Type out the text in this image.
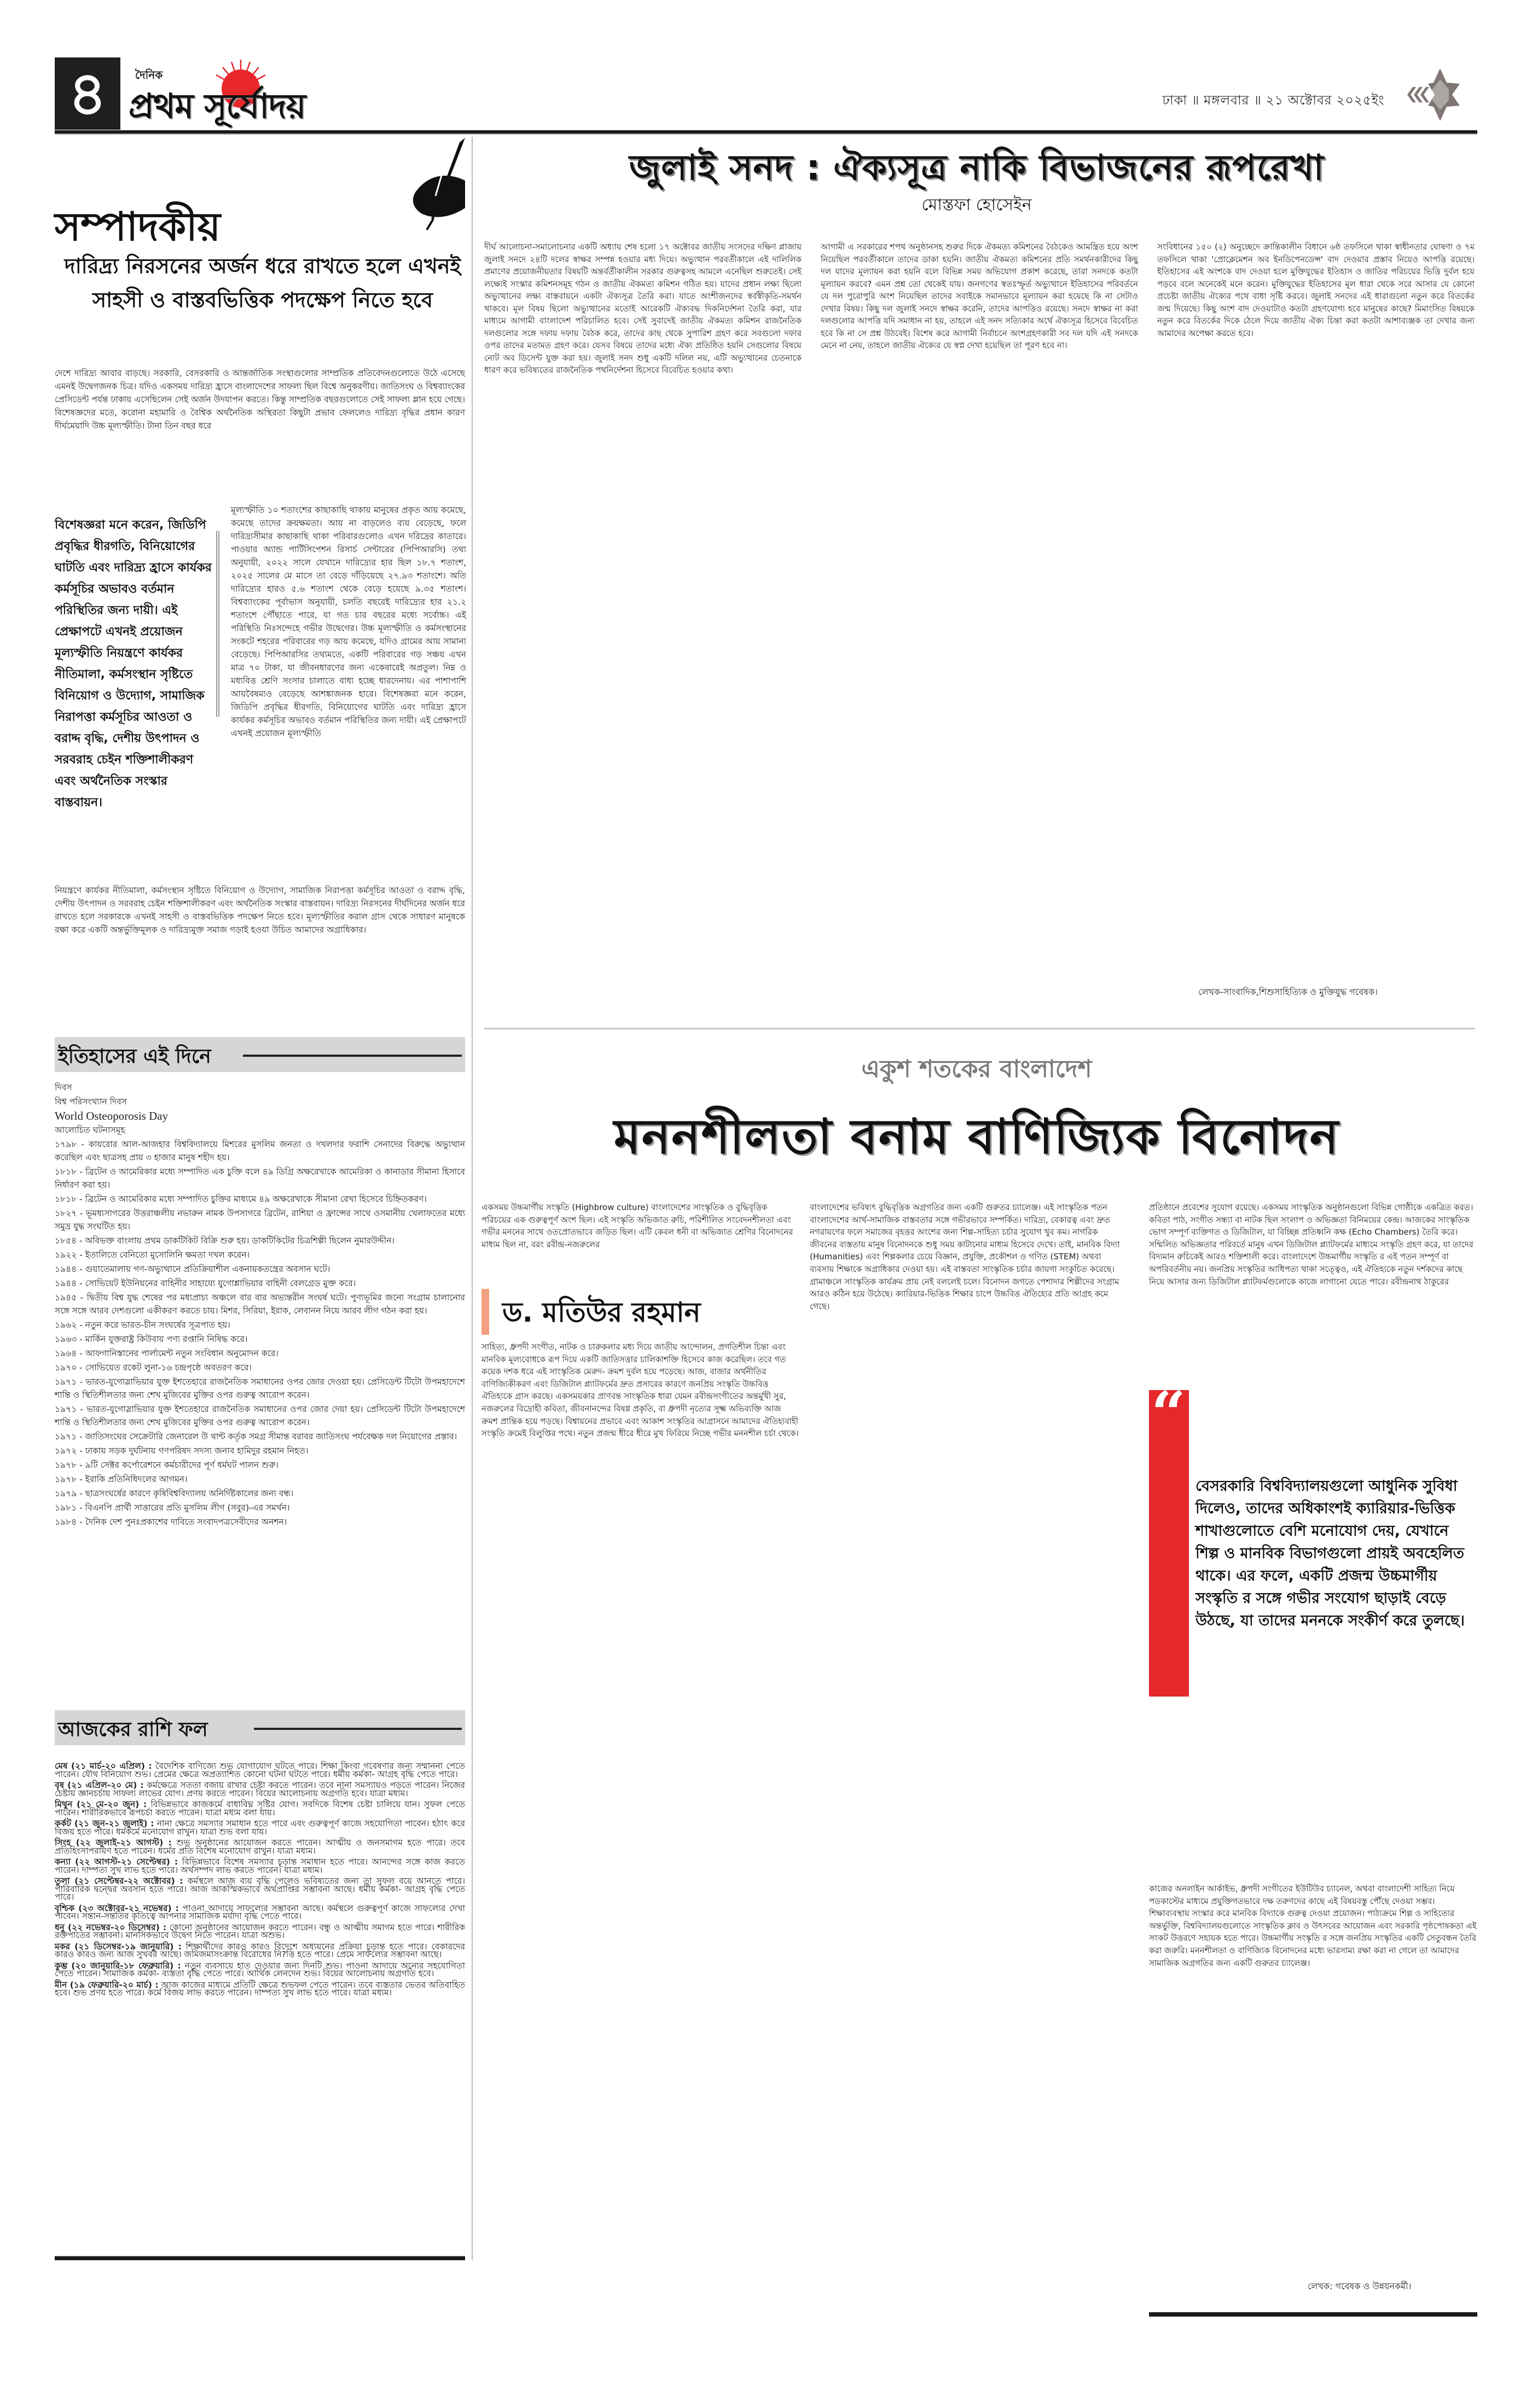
৪	দৈনিক
প্রথম সূর্যোদয়	ঢাকা ॥ মঙ্গলবার ॥ ২১ অক্টোবর ২০২৫ইং
সম্পাদকীয়
দারিদ্র্য নিরসনের অর্জন ধরে রাখতে হলে এখনই সাহসী ও বাস্তবভিত্তিক পদক্ষেপ নিতে হবে

দেশে দারিদ্র্য আবার বাড়ছে। সরকারি, বেসরকারি ও আন্তর্জাতিক সংস্থাগুলোর সাম্প্রতিক প্রতিবেদনগুলোতে উঠে এসেছে এমনই উদ্বেগজনক চিত্র। যদিও একসময় দারিদ্র্য হ্রাসে বাংলাদেশের সাফল্য ছিল বিশ্বে অনুকরণীয়। জাতিসংঘ ও বিশ্বব্যাংকের প্রেসিডেন্ট পর্যন্ত ঢাকায় এসেছিলেন সেই অর্জন উদযাপন করতে। কিন্তু সাম্প্রতিক বছরগুলোতে সেই সাফল্য ম্লান হয়ে গেছে। বিশেষজ্ঞদের মতে, করোনা মহামারি ও বৈশ্বিক অর্থনৈতিক অস্থিরতা কিছুটা প্রভাব ফেললেও দারিদ্র্য বৃদ্ধির প্রধান কারণ দীর্ঘমেয়াদি উচ্চ মূল্যস্ফীতি। টানা তিন বছর ধরে

বিশেষজ্ঞরা মনে করেন, জিডিপি প্রবৃদ্ধির ধীরগতি, বিনিয়োগের ঘাটতি এবং দারিদ্র্য হ্রাসে কার্যকর কর্মসূচির অভাবও বর্তমান পরিস্থিতির জন্য দায়ী। এই প্রেক্ষাপটে এখনই প্রয়োজন মূল্যস্ফীতি নিয়ন্ত্রণে কার্যকর নীতিমালা, কর্মসংস্থান সৃষ্টিতে বিনিয়োগ ও উদ্যোগ, সামাজিক নিরাপত্তা কর্মসূচির আওতা ও বরাদ্দ বৃদ্ধি, দেশীয় উৎপাদন ও সরবরাহ চেইন শক্তিশালীকরণ এবং অর্থনৈতিক সংস্কার বাস্তবায়ন।

মূল্যস্ফীতি ১০ শতাংশের কাছাকাছি থাকায় মানুষের প্রকৃত আয় কমেছে, কমেছে তাদের ক্রয়ক্ষমতা। আয় না বাড়লেও ব্যয় বেড়েছে, ফলে দারিদ্র্যসীমার কাছাকাছি থাকা পরিবারগুলোও এখন দরিদ্রের কাতারে। পাওয়ার অ্যান্ড পার্টিসিপেশন রিসার্চ সেন্টারের (পিপিআরসি) তথ্য অনুযায়ী, ২০২২ সালে যেখানে দারিদ্র্যের হার ছিল ১৮.৭ শতাংশ, ২০২৫ সালের মে মাসে তা বেড়ে দাঁড়িয়েছে ২৭.৯৩ শতাংশে। অতি দারিদ্র্যের হারও ৫.৬ শতাংশ থেকে বেড়ে হয়েছে ৯.৩৫ শতাংশ। বিশ্বব্যাংকের পূর্বাভাস অনুযায়ী, চলতি বছরেই দারিদ্র্যের হার ২১.২ শতাংশে পৌঁছাতে পারে, যা গত চার বছরের মধ্যে সর্বোচ্চ। এই পরিস্থিতি নিঃসন্দেহে গভীর উদ্বেগের। উচ্চ মূল্যস্ফীতি ও কর্মসংস্থানের সংকটে শহরের পরিবারের গড় আয় কমেছে, যদিও গ্রামের আয় সামান্য বেড়েছে। পিপিআরসির তথ্যমতে, একটি পরিবারের গড় সঞ্চয় এখন মাত্র ৭০ টাকা, যা জীবনধারণের জন্য একেবারেই অপ্রতুল। নিম্ন ও মধ্যবিত্ত শ্রেণি সংসার চালাতে বাধ্য হচ্ছে ধারদেনায়। এর পাশাপাশি আয়বৈষম্যও বেড়েছে আশঙ্কাজনক হারে। বিশেষজ্ঞরা মনে করেন, জিডিপি প্রবৃদ্ধির ধীরগতি, বিনিয়োগের ঘাটতি এবং দারিদ্র্য হ্রাসে কার্যকর কর্মসূচির অভাবও বর্তমান পরিস্থিতির জন্য দায়ী। এই প্রেক্ষাপটে এখনই প্রয়োজন মূল্যস্ফীতি

নিয়ন্ত্রণে কার্যকর নীতিমালা, কর্মসংস্থান সৃষ্টিতে বিনিয়োগ ও উদ্যোগ, সামাজিক নিরাপত্তা কর্মসূচির আওতা ও বরাদ্দ বৃদ্ধি, দেশীয় উৎপাদন ও সরবরাহ চেইন শক্তিশালীকরণ এবং অর্থনৈতিক সংস্কার বাস্তবায়ন। দারিদ্র্য নিরসনের দীর্ঘদিনের অর্জন ধরে রাখতে হলে সরকারকে এখনই সাহসী ও বাস্তবভিত্তিক পদক্ষেপ নিতে হবে। মূল্যস্ফীতির করাল গ্রাস থেকে সাধারণ মানুষকে রক্ষা করে একটি অন্তর্ভুক্তিমূলক ও দারিদ্র্যমুক্ত সমাজ গড়াই হওয়া উচিত আমাদের অগ্রাধিকার।

ইতিহাসের এই দিনে

দিবস

বিশ্ব পরিসংখ্যান দিবস

World Osteoporosis Day

আলোচিত ঘটনাসমূহ

১৭৯৮ - কায়রোর আল-আজহার বিশ্ববিদ্যালয়ে মিশরের মুসলিম জনতা ও দখলদার ফরাশি সেনাদের বিরুদ্ধে অভ্যুত্থান করেছিল এবং ছাত্রসহ প্রায় ৩ হাজার মানুষ শহীদ হয়।

১৮১৮ - ব্রিটেন ও আমেরিকার মধ্যে সম্পাদিত এক চুক্তি বলে ৪৯ ডিগ্রি অক্ষরেখাকে আমেরিকা ও কানাডার সীমানা হিসাবে নির্ধারণ করা হয়।

১৮১৮ - ব্রিটেন ও আমেরিকার মধ্যে সম্পাদিত চুক্তির মাধ্যমে ৪৯ অক্ষরেখাকে সীমানা রেখা হিসেবে চিহ্নিতকরণ।

১৮২৭ - ভূমধ্যসাগরের উত্তরাঞ্চলীয় নভারুন নামক উপসাগরে ব্রিটেন, রাশিয়া ও ফ্রান্সের সাথে ওসমানীয় খেলাফতের মধ্যে সমুদ্র যুদ্ধ সংঘটিত হয়।

১৮৫৪ - অবিভক্ত বাংলায় প্রথম ডাকটিকিট বিক্রি শুরু হয়। ডাকটিকিটের চিত্রশিল্পী ছিলেন নুমারউদ্দীন।

১৯২২ - ইতালিতে বেনিতো মুসোলিনি ক্ষমতা দখল করেন।

১৯৪৪ - গুয়াতেমালায় গণ-অভ্যুত্থানে প্রতিক্রিয়াশীল একনায়কতন্ত্রের অবসান ঘটে।

১৯৪৪ - সোভিয়েট ইউনিয়নের বাহিনীর সাহায্যে যুগোশ্লাভিয়ার বাহিনী বেলগ্রেড মুক্ত করে।

১৯৪৫ - দ্বিতীয় বিশ্ব যুদ্ধ শেষের পর মধ্যপ্রাচ্য অঞ্চলে বার বার অভ্যন্তরীন সংঘর্ষ ঘটে। পুণ্যভূমির জন্যে সংগ্রাম চালানোর সঙ্গে সঙ্গে আরব দেশগুলো একীকরণ করতে চায়। মিশর, সিরিয়া, ইরাক, লেবানন নিয়ে আরব লীগ গঠন করা হয়।

১৯৬২ - নতুন করে ভারত-চীন সংঘর্ষের সূত্রপাত হয়।

১৯৬৩ - মার্কিন যুক্তরাষ্ট্র কিউবায় পণ্য রপ্তানি নিষিদ্ধ করে।

১৯৬৪ - আফগানিস্তানের পার্লামেন্ট নতুন সংবিধান অনুমোদন করে।

১৯৭০ - সোভিয়েত রকেট লুনা-১৬ চন্দ্রপৃষ্ঠে অবতরণ করে।

১৯৭১ - ভারত-যুগোস্লাভিয়ার যুক্ত ইশতেহারে রাজনৈতিক সমাধানের ওপর জোর দেওয়া হয়। প্রেসিডেন্ট টিটো উপমহাদেশে শান্তি ও স্থিতিশীলতার জন্য শেখ মুজিবের মুক্তির ওপর গুরুত্ব আরোপ করেন।

১৯৭১ - ভারত-যুগোস্লাভিয়ার যুক্ত ইশতেহারে রাজনৈতিক সমাধানের ওপর জোর দেয়া হয়। প্রেসিডেন্ট টিটো উপমহাদেশে শান্তি ও স্থিতিশীলতার জন্য শেখ মুজিবের মুক্তির ওপর গুরুত্ব আরোপ করেন।

১৯৭১ - জাতিসংঘের সেক্রেটারি জেনারেল উ থান্ট কর্তৃক সমগ্র সীমান্ত বরাবর জাতিসংঘ পর্যবেক্ষক দল নিয়োগের প্রস্তাব।

১৯৭২ - ঢাকায় সড়ক দুর্ঘটনায় গণপরিষদ সদস্য জনাব হামিদুর রহমান নিহত।

১৯৭৮ - ৯টি সেক্টর কর্পোরেশনে কর্মচারীদের পূর্ণ ধর্মঘট পালন শুরু।

১৯৭৮ - ইরাকি প্রতিনিধিদলের আগমন।

১৯৭৯ - ছাত্রসংঘর্ষের কারণে কৃষিবিশ্ববিদ্যালয় অনির্দিষ্টকালের জন্য বন্ধ।

১৯৮১ - বিএনপি প্রার্থী সাত্তারের প্রতি মুসলিম লীগ (সবুর)-এর সমর্থন।

১৯৮৪ - দৈনিক দেশ পুনঃপ্রকাশের দাবিতে সংবাদপত্রসেবীদের অনশন।

আজকের রাশি ফল

মেষ (২১ মার্চ-২০ এপ্রিল) : বৈদেশিক বাণিজ্যে শুভ যোগাযোগ ঘটতে পারে। শিক্ষা কিংবা গবেষণার জন্য সম্মাননা পেতে পারেন। যৌথ বিনিয়োগ শুভ। প্রেমের ক্ষেত্রে অপ্রত্যাশিত কোনো ঘটনা ঘটতে পারে। ধর্মীয় কর্মকা- আগ্রহ বৃদ্ধি পেতে পারে।

বৃষ (২১ এপ্রিল-২০ মে) : কর্মক্ষেত্রে সততা বজায় রাখার চেষ্টা করতে পারেন। তবে নানা সমস্যায়ও পড়তে পারেন। নিজের চেষ্টায় জ্ঞানচর্চায় সাফল্য লাভের যোগ। প্রণয় করতে পারেন। বিয়ের আলোচনায় অগ্রগতি হবে। যাত্রা মধ্যম।

মিথুন (২১ মে-২০ জুন) : বিভিন্নভাবে কাজকর্মে বাধাবিঘ্ন সৃষ্টির যোগ। সবদিকে বিশেষ চেষ্টা চালিয়ে যান। সুফল পেতে পারেন। শারীরিকভাবে রূপচর্চা করতে পারেন। যাত্রা মধ্যম বলা যায়।

কর্কট (২১ জুন-২১ জুলাই) : নানা ক্ষেত্রে সমস্যার সমাধান হতে পারে এবং গুরুত্বপূর্ণ কাজে সহযোগিতা পাবেন। হঠাৎ করে বিজয় হতে পারে। ধর্মকর্মে মনোযোগ রাখুন। যাত্রা শুভ বলা যায়।

সিংহ (২২ জুলাই-২১ আগস্ট) : শুভ অনুষ্ঠানের আয়োজন করতে পারেন। আত্মীয় ও জনসমাগম হতে পারে। তবে প্রতিহিংসাপরায়ণ হতে পারেন। ধর্মের প্রতি বিশেষ মনোযোগ রাখুন। যাত্রা মধ্যম।

কন্যা (২২ আগস্ট-২১ সেপ্টেম্বর) : বিভিন্নভাবে বিশেষ সমস্যার চূড়ান্ত সমাধান হতে পারে। আনন্দের সঙ্গে কাজ করতে পারেন। দাম্পত্য সুখ লাভ হতে পারে। অর্থসম্পদ লাভ করতে পারেন। যাত্রা মধ্যম।

তুলা (২১ সেপ্টেম্বর-২২ অক্টোবর) : কর্মস্থলে আজ ব্যয় বৃদ্ধি পেলেও ভবিষ্যতের জন্য তা সুফল বয়ে আনতে পারে। পারিবারিক দ্বন্দ্বের অবসান হতে পারে। আজ আকস্মিকভাবে অর্থপ্রাপ্তির সম্ভাবনা আছে। ধর্মীয় কর্মকা- আগ্রহ বৃদ্ধি পেতে পারে।

বৃশ্চিক (২৩ অক্টোবর-২১ নভেম্বর) : পাওনা আদায়ে সাফল্যের সম্ভাবনা আছে। কর্মস্থলে গুরুত্বপূর্ণ কাজে সাফল্যের দেখা পাবেন। সন্তান-সন্ততির কৃতিত্বে আপনার সামাজিক মর্যাদা বৃদ্ধি পেতে পারে।

ধনু (২২ নভেম্বর-২০ ডিসেম্বর) : কোনো অনুষ্ঠানের আয়োজন করতে পারেন। বন্ধু ও আত্মীয় সমাগম হতে পারে। শারীরিক রক্তপাতের সম্ভাবনা। মানসিকভাবে উদ্বেগ নিতে পারেন। যাত্রা অশুভ।

মকর (২১ ডিসেম্বর-১৯ জানুয়ারি) : শিক্ষার্থীদের কারও কারও বিদেশে অধ্যয়নের প্রক্রিয়া চূড়ান্ত হতে পারে। বেকারদের কারও কারও জন্য আজ সুখবর আছে। জমিজমাসংক্রান্ত বিরোধের নি?ত্তি হতে পারে। প্রেমে সাফল্যের সম্ভাবনা আছে।

কুম্ভ (২০ জানুয়ারি-১৮ ফেব্রুয়ারি) : নতুন ব্যবসায়ে হাত দেওয়ার জন্য দিনটি শুভ। পাওনা আদায়ে অন্যের সহযোগিতা পেতে পারেন। সামাজিক কর্মকা- ব্যস্ততা বৃদ্ধি পেতে পারে। আর্থিক লেনদেন শুভ। বিয়ের আলোচনায় অগ্রগতি হবে।

মীন (১৯ ফেব্রুয়ারি-২০ মার্চ) : আজ কাজের মাধ্যমে প্রতিটি ক্ষেত্রে শুভফল পেতে পারেন। তবে ব্যস্ততার ভেতর অতিবাহিত হবে। শুভ প্রণয় হতে পারে। কর্মে বিজয় লাভ করতে পারেন। দাম্পত্য সুখ লাভ হতে পারে। যাত্রা মধ্যম।

জুলাই সনদ : ঐক্যসূত্র নাকি বিভাজনের রূপরেখা
মোস্তফা হোসেইন

দীর্ঘ আলোচনা-সমালোচনার একটি অধ্যায় শেষ হলো ১৭ অক্টোবর জাতীয় সংসদের দক্ষিণ প্লাজায় জুলাই সনদে ২৪টি দলের স্বাক্ষর সম্পন্ন হওয়ার মধ্য দিয়ে। অভ্যুত্থান পরবর্তীকালে এই দালিলিক প্রমাণের প্রয়োজনীয়তার বিষয়টি অন্তর্বর্তীকালীন সরকার গুরুত্বসহ আমলে এনেছিল শুরুতেই। সেই লক্ষ্যেই সংস্কার কমিশনসমূহ গঠন ও জাতীয় ঐকমত্য কমিশন গঠিত হয়। যাদের প্রধান লক্ষ্য ছিলো অভ্যুত্থানের লক্ষ্য বাস্তবায়নে একটা ঐক্যসূত্র তৈরি করা। যাতে অংশীজনদের স্বর্বস্বীকৃতি-সমর্থন থাকবে। মূল বিষয় ছিলো অভ্যুত্থানের মতোই আরেকটি ঐক্যবদ্ধ দিকনির্দেশনা তৈরি করা, যার মাধ্যমে আগামী বাংলাদেশ পরিচালিত হবে। সেই সুবাদেই জাতীয় ঐকমত্য কমিশন রাজনৈতিক দলগুলোর সঙ্গে দফায় দফায় বৈঠক করে, তাদের কাছ থেকে সুপারিশ গ্রহণ করে সবগুলো দফার ওপর তাদের মতামত গ্রহণ করে। যেসব বিষয়ে তাদের মধ্যে ঐক্য প্রতিষ্ঠিত হয়নি সেগুলোর বিষয়ে নোট অব ডিসেন্ট যুক্ত করা হয়। জুলাই সনদ শুধু একটি দলিল নয়, এটি অভ্যুত্থানের চেতনাকে ধারণ করে ভবিষ্যতের রাজনৈতিক পথনির্দেশনা হিসেবে বিবেচিত হওয়ার কথা।

আগামী এ সরকারের শপথ অনুষ্ঠানসহ শুরুর দিকে ঐকমত্য কমিশনের বৈঠকেও আমন্ত্রিত হয়ে অংশ নিয়েছিল পরবর্তীকালে তাদের ডাকা হয়নি। জাতীয় ঐকমত্য কমিশনের প্রতি সমর্থনকারীদের কিছু দল যাদের মূল্যায়ন করা হয়নি বলে বিভিন্ন সময় অভিযোগ প্রকাশ করেছে, তারা সনদকে কতটা মূল্যায়ন করবে? এমন প্রশ্ন তো থেকেই যায়। জনগণের স্বতঃস্ফূর্ত অভ্যুত্থানে ইতিহাসের পরিবর্তনে যে দল পুরোপুরি অংশ নিয়েছিল তাদের সবাইকে সমানভাবে মূল্যায়ন করা হয়েছে কি না সেটাও দেখার বিষয়। কিছু দল জুলাই সনদে স্বাক্ষর করেনি, তাদের আপত্তিও রয়েছে। সনদে স্বাক্ষর না করা দলগুলোর আপত্তি যদি সমাধান না হয়, তাহলে এই সনদ সত্যিকার অর্থে ঐক্যসূত্র হিসেবে বিবেচিত হবে কি না সে প্রশ্ন উঠবেই। বিশেষ করে আগামী নির্বাচনে অংশগ্রহণকারী সব দল যদি এই সনদকে মেনে না নেয়, তাহলে জাতীয় ঐক্যের যে স্বপ্ন দেখা হয়েছিল তা পূরণ হবে না।

সংবিধানের ১৫০ (২) অনুচ্ছেদে ক্রান্তিকালীন বিধানে ৬ষ্ঠ তফসিলে থাকা স্বাধীনতার ঘোষণা ও ৭ম তফসিলে থাকা 'প্রোক্লেমেশন অব ইনডিপেনডেন্স' বাদ দেওয়ার প্রস্তাব নিয়েও আপত্তি রয়েছে। ইতিহাসের এই অংশকে বাদ দেওয়া হলে মুক্তিযুদ্ধের ইতিহাস ও জাতির পরিচয়ের ভিত্তি দুর্বল হয়ে পড়বে বলে অনেকেই মনে করেন। মুক্তিযুদ্ধের ইতিহাসের মূল ধারা থেকে সরে আসার যে কোনো প্রচেষ্টা জাতীয় ঐক্যের পথে বাধা সৃষ্টি করবে। জুলাই সনদের এই ধারাগুলো নতুন করে বিতর্কের জন্ম দিয়েছে। কিছু অংশ বাদ দেওয়াটাও কতটা গ্রহণযোগ্য হবে মানুষের কাছে? মিমাংসিত বিষয়কে নতুন করে বিতর্কের দিকে ঠেলে দিয়ে জাতীয় ঐক্য চিন্তা করা কতটা আশাব্যঞ্জক তা দেখার জন্য আমাদের অপেক্ষা করতে হবে।

লেখক-সাংবাদিক,শিশুসাহিত্যিক ও মুক্তিযুদ্ধ গবেষক।
একুশ শতকের বাংলাদেশ
মননশীলতা বনাম বাণিজ্যিক বিনোদন

একসময় উচ্চমার্গীয় সংস্কৃতি (Highbrow culture) বাংলাদেশের সাংস্কৃতিক ও বুদ্ধিবৃত্তিক পরিচয়ের এক গুরুত্বপূর্ণ অংশ ছিল। এই সংস্কৃতি অভিজাত রুচি, পরিশীলিত সংবেদনশীলতা এবং গভীর মননের সাথে ওতপ্রোতভাবে জড়িত ছিল। এটি কেবল ধনী বা অভিজাত শ্রেণির বিনোদনের মাধ্যম ছিল না, বরং রবীন্দ্র-নজরুলের

ড. মতিউর রহমান

সাহিত্য, ধ্রুপদী সংগীত, নাটক ও চারুকলার মধ্য দিয়ে জাতীয় আন্দোলন, প্রগতিশীল চিন্তা এবং মানবিক মূল্যবোধকে রূপ দিয়ে একটি জাতিসত্তার চালিকাশক্তি হিসেবে কাজ করেছিল। তবে গত কয়েক দশক ধরে এই সাংস্কৃতিক মেরুদ- ক্রমশ দুর্বল হয়ে পড়েছে। আজ, বাজার অর্থনীতির বাণিজ্যিকীকরণ এবং ডিজিটাল প্ল্যাটফর্মের দ্রুত প্রসারের কারণে জনপ্রিয় সংস্কৃতি উচ্চবিত্ত ঐতিহ্যকে গ্রাস করছে। একসময়কার প্রাণবন্ত সাংস্কৃতিক ধারা যেমন রবীন্দ্রসংগীতের অন্তর্মুখী সুর, নজরুলের বিদ্রোহী কবিতা, জীবনানন্দের বিষণ্ণ প্রকৃতি, বা ধ্রুপদী নৃত্যের সূক্ষ্ম অভিব্যক্তি আজ ক্রমশ প্রান্তিক হয়ে পড়ছে। বিশ্বায়নের প্রভাবে এবং আকাশ সংস্কৃতির আগ্রাসনে আমাদের ঐতিহ্যবাহী সংস্কৃতি ক্রমেই বিলুপ্তির পথে। নতুন প্রজন্ম ধীরে ধীরে মুখ ফিরিয়ে নিচ্ছে গভীর মননশীল চর্চা থেকে।

বাংলাদেশের ভবিষ্যৎ বুদ্ধিবৃত্তিক অগ্রগতির জন্য একটি গুরুতর চ্যালেঞ্জ। এই সাংস্কৃতিক পতন বাংলাদেশের আর্থ-সামাজিক বাস্তবতার সঙ্গে গভীরভাবে সম্পর্কিত। দারিদ্র্য, বেকারত্ব এবং দ্রুত নগরায়ণের ফলে সমাজের বৃহত্তর অংশের জন্য শিল্প-সাহিত্য চর্চার সুযোগ খুব কম। নাগরিক জীবনের ব্যস্ততায় মানুষ বিনোদনকে শুধু সময় কাটানোর মাধ্যম হিসেবে দেখে। তাই, মানবিক বিদ্যা (Humanities) এবং শিল্পকলার চেয়ে বিজ্ঞান, প্রযুক্তি, প্রকৌশল ও গণিত (STEM) অথবা ব্যবসায় শিক্ষাকে অগ্রাধিকার দেওয়া হয়। এই বাস্তবতা সাংস্কৃতিক চর্চার জায়গা সংকুচিত করেছে। গ্রামাঞ্চলে সাংস্কৃতিক কার্যক্রম প্রায় নেই বললেই চলে। বিনোদন জগতে পেশাদার শিল্পীদের সংগ্রাম আরও কঠিন হয়ে উঠেছে। ক্যারিয়ার-ভিত্তিক শিক্ষার চাপে উচ্চবিত্ত ঐতিহ্যের প্রতি আগ্রহ কমে গেছে।

প্রতিষ্ঠানে প্রবেশের সুযোগ রয়েছে। একসময় সাংস্কৃতিক অনুষ্ঠানগুলো বিভিন্ন গোষ্ঠীকে একত্রিত করত। কবিতা পাঠ, সংগীত সন্ধ্যা বা নাটক ছিল সংলাপ ও অভিজ্ঞতা বিনিময়ের কেন্দ্র। আজকের সাংস্কৃতিক ভোগ সম্পূর্ণ ব্যক্তিগত ও ডিজিটাল, যা বিচ্ছিন্ন প্রতিধ্বনি কক্ষ (Echo Chambers) তৈরি করে। সম্মিলিত অভিজ্ঞতার পরিবর্তে মানুষ এখন ডিজিটাল প্ল্যাটফর্মের মাধ্যমে সংস্কৃতি গ্রহণ করে, যা তাদের বিদ্যমান রুচিকেই আরও শক্তিশালী করে। বাংলাদেশে উচ্চমার্গীয় সংস্কৃতি র এই পতন সম্পূর্ণ বা অপরিবর্তনীয় নয়। জনপ্রিয় সংস্কৃতির আধিপত্য থাকা সত্ত্বেও, এই ঐতিহ্যকে নতুন দর্শকদের কাছে নিয়ে আসার জন্য ডিজিটাল প্ল্যাটফর্মগুলোকে কাজে লাগানো যেতে পারে। রবীন্দ্রনাথ ঠাকুরের

“

বেসরকারি বিশ্ববিদ্যালয়গুলো আধুনিক সুবিধা দিলেও, তাদের অধিকাংশই ক্যারিয়ার-ভিত্তিক শাখাগুলোতে বেশি মনোযোগ দেয়, যেখানে শিল্প ও মানবিক বিভাগগুলো প্রায়ই অবহেলিত থাকে। এর ফলে, একটি প্রজন্ম উচ্চমার্গীয় সংস্কৃতি র সঙ্গে গভীর সংযোগ ছাড়াই বেড়ে উঠছে, যা তাদের মননকে সংকীর্ণ করে তুলছে।

কাজের অনলাইন আর্কাইভ, ধ্রুপদী সংগীতের ইউটিউব চ্যানেল, অথবা বাংলাদেশী সাহিত্য নিয়ে পডকাস্টের মাধ্যমে প্রযুক্তিগতভাবে দক্ষ তরুণদের কাছে এই বিষয়বস্তু পৌঁছে দেওয়া সম্ভব। শিক্ষাব্যবস্থায় সংস্কার করে মানবিক বিদ্যাকে গুরুত্ব দেওয়া প্রয়োজন। পাঠ্যক্রমে শিল্প ও সাহিত্যের অন্তর্ভুক্তি, বিশ্ববিদ্যালয়গুলোতে সাংস্কৃতিক ক্লাব ও উৎসবের আয়োজন এবং সরকারি পৃষ্ঠপোষকতা এই সংকট উত্তরণে সহায়ক হতে পারে। উচ্চমার্গীয় সংস্কৃতি র সঙ্গে জনপ্রিয় সংস্কৃতির একটি সেতুবন্ধন তৈরি করা জরুরি। মননশীলতা ও বাণিজ্যিক বিনোদনের মধ্যে ভারসাম্য রক্ষা করা না গেলে তা আমাদের সামাজিক অগ্রগতির জন্য একটি গুরুতর চ্যালেঞ্জ।

লেখক: গবেষক ও উন্নয়নকর্মী।
